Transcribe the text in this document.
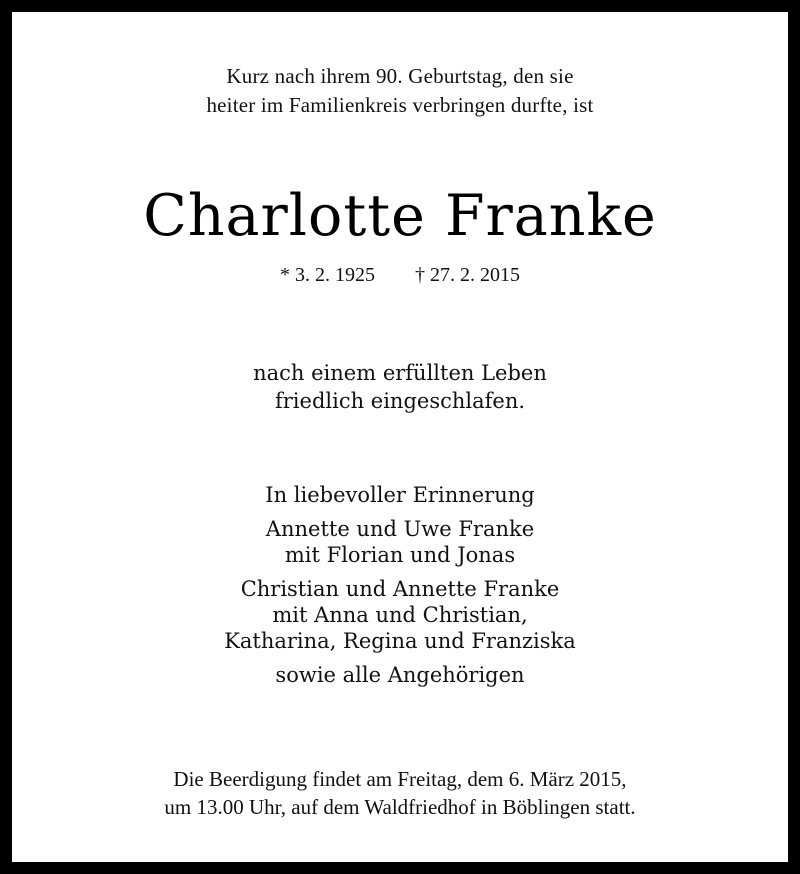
Kurz nach ihrem 90. Geburtstag, den sie
heiter im Familienkreis verbringen durfte, ist
Charlotte Franke
* 3. 2. 1925 † 27. 2. 2015
nach einem erfüllten Leben
friedlich eingeschlafen.
In liebevoller Erinnerung
Annette und Uwe Franke
mit Florian und Jonas
Christian und Annette Franke
mit Anna und Christian,
Katharina, Regina und Franziska
sowie alle Angehörigen
Die Beerdigung findet am Freitag, dem 6. März 2015,
um 13.00 Uhr, auf dem Waldfriedhof in Böblingen statt.
